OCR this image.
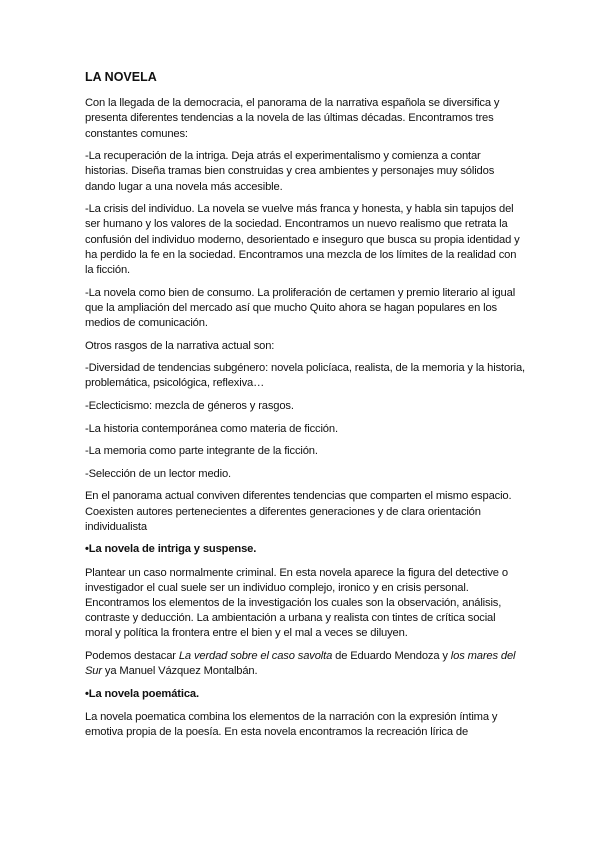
LA NOVELA

Con la llegada de la democracia, el panorama de la narrativa española se diversifica y presenta diferentes tendencias a la novela de las últimas décadas. Encontramos tres constantes comunes:

-La recuperación de la intriga. Deja atrás el experimentalismo y comienza a contar historias. Diseña tramas bien construidas y crea ambientes y personajes muy sólidos dando lugar a una novela más accesible.

-La crisis del individuo. La novela se vuelve más franca y honesta, y habla sin tapujos del ser humano y los valores de la sociedad. Encontramos un nuevo realismo que retrata la confusión del individuo moderno, desorientado e inseguro que busca su propia identidad y ha perdido la fe en la sociedad. Encontramos una mezcla de los límites de la realidad con la ficción.

-La novela como bien de consumo. La proliferación de certamen y premio literario al igual que la ampliación del mercado así que mucho Quito ahora se hagan populares en los medios de comunicación.

Otros rasgos de la narrativa actual son:

-Diversidad de tendencias subgénero: novela policíaca, realista, de la memoria y la historia, problemática, psicológica, reflexiva…

-Eclecticismo: mezcla de géneros y rasgos.

-La historia contemporánea como materia de ficción.

-La memoria como parte integrante de la ficción.

-Selección de un lector medio.

En el panorama actual conviven diferentes tendencias que comparten el mismo espacio. Coexisten autores pertenecientes a diferentes generaciones y de clara orientación individualista

•La novela de intriga y suspense.

Plantear un caso normalmente criminal. En esta novela aparece la figura del detective o investigador el cual suele ser un individuo complejo, ironico y en crisis personal. Encontramos los elementos de la investigación los cuales son la observación, análisis, contraste y deducción. La ambientación a urbana y realista con tintes de crítica social moral y política la frontera entre el bien y el mal a veces se diluyen.

Podemos destacar La verdad sobre el caso savolta de Eduardo Mendoza y los mares del Sur ya Manuel Vázquez Montalbán.

•La novela poemática.

La novela poematica combina los elementos de la narración con la expresión íntima y emotiva propia de la poesía. En esta novela encontramos la recreación lírica de
